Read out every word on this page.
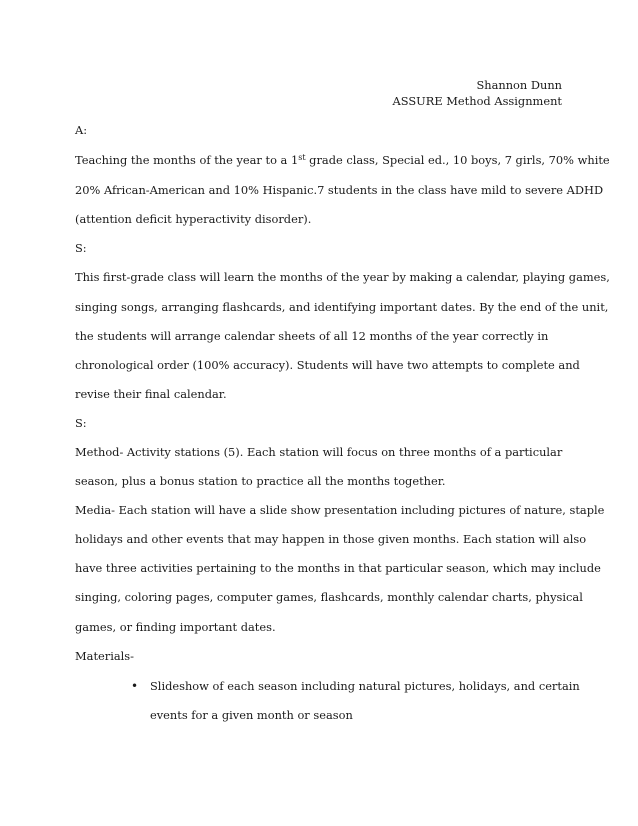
Shannon Dunn
ASSURE Method Assignment
A:
Teaching the months of the year to a 1st grade class, Special ed., 10 boys, 7 girls, 70% white
20% African-American and 10% Hispanic.7 students in the class have mild to severe ADHD
(attention deficit hyperactivity disorder).
S:
This first-grade class will learn the months of the year by making a calendar, playing games,
singing songs, arranging flashcards, and identifying important dates. By the end of the unit,
the students will arrange calendar sheets of all 12 months of the year correctly in
chronological order (100% accuracy). Students will have two attempts to complete and
revise their final calendar.
S:
Method- Activity stations (5). Each station will focus on three months of a particular
season, plus a bonus station to practice all the months together.
Media- Each station will have a slide show presentation including pictures of nature, staple
holidays and other events that may happen in those given months. Each station will also
have three activities pertaining to the months in that particular season, which may include
singing, coloring pages, computer games, flashcards, monthly calendar charts, physical
games, or finding important dates.
Materials-
• Slideshow of each season including natural pictures, holidays, and certain
events for a given month or season
